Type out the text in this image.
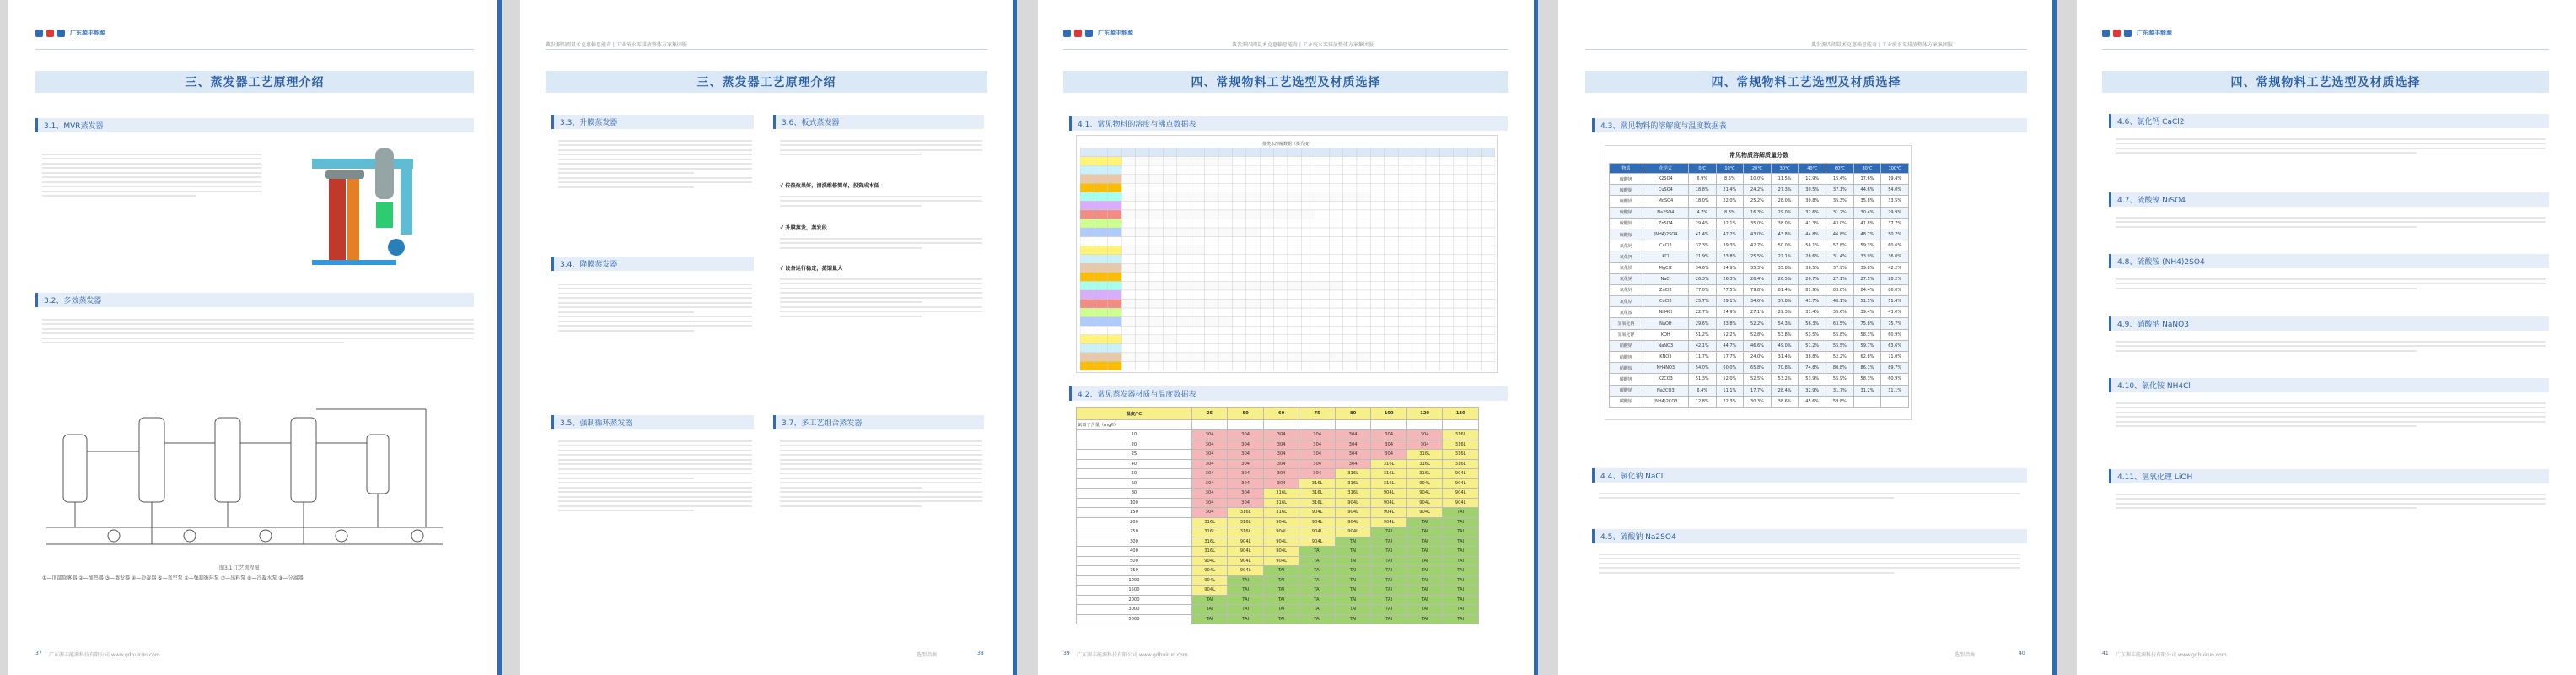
广东源丰能源
三、蒸发器工艺原理介绍
3.1、MVR蒸发器
3.2、多效蒸发器
图3.1 工艺流程图
①—顶部除雾器 ②—加热器 ③—蒸发器 ④—冷凝器 ⑤—真空泵 ⑥—强制循环泵 ⑦—出料泵 ⑧—冷凝水泵 ⑨—分离器
37 广东源丰能源科技有限公司 www.gdhuirun.com
典发源四阅鼠术克惠赖思能奇 | 工业废水零排放整体方案集团服
三、蒸发器工艺原理介绍
3.3、升膜蒸发器
3.4、降膜蒸发器
3.5、强制循环蒸发器
3.6、板式蒸发器
√ 传热效果好，清洗维修简单，投资成本低
√ 升膜蒸发，蒸发段
√ 设备运行稳定，蒸馏量大
3.7、多工艺组合蒸发器
选型指南	38
广东源丰能源
典发源四阅鼠术克惠赖思能奇 | 工业废水零排放整体方案集团服
四、常规物料工艺选型及材质选择
4.1、常见物料的溶度与沸点数据表
盐类水溶解数据（摄氏度）
4.2、常见蒸发器材质与温度数据表
温度/℃	25	50	60	75	80	100	120	130
氯离子含量（mg/l）								
10	304	304	304	304	304	304	304	316L
20	304	304	304	304	304	304	304	316L
25	304	304	304	304	304	304	316L	316L
40	304	304	304	304	304	316L	316L	316L
50	304	304	304	304	316L	316L	316L	904L
60	304	304	304	316L	316L	316L	904L	904L
80	304	304	316L	316L	316L	904L	904L	904L
100	304	304	316L	316L	904L	904L	904L	904L
150	304	316L	316L	904L	904L	904L	904L	TAI
200	316L	316L	904L	904L	904L	904L	TAI	TAI
250	316L	316L	904L	904L	904L	TAI	TAI	TAI
300	316L	904L	904L	904L	TAI	TAI	TAI	TAI
400	316L	904L	904L	TAI	TAI	TAI	TAI	TAI
500	904L	904L	904L	TAI	TAI	TAI	TAI	TAI
750	904L	904L	TAI	TAI	TAI	TAI	TAI	TAI
1000	904L	TAI	TAI	TAI	TAI	TAI	TAI	TAI
1500	904L	TAI	TAI	TAI	TAI	TAI	TAI	TAI
2000	TAI	TAI	TAI	TAI	TAI	TAI	TAI	TAI
3000	TAI	TAI	TAI	TAI	TAI	TAI	TAI	TAI
5000	TAI	TAI	TAI	TAI	TAI	TAI	TAI	TAI
39 广东源丰能源科技有限公司 www.gdhuirun.com
典发源四阅鼠术克惠赖思能奇 | 工业废水零排放整体方案集团服
四、常规物料工艺选型及材质选择
4.3、常见物料的溶解度与温度数据表
常见物质溶解质量分数
物质	化学式	0℃	10℃	20℃	30℃	40℃	60℃	80℃	100℃
硫酸钾	K2SO4	6.9%	8.5%	10.0%	11.5%	12.9%	15.4%	17.6%	19.4%
硫酸铜	CuSO4	18.8%	21.4%	24.2%	27.3%	30.5%	37.1%	44.6%	54.0%
硫酸镁	MgSO4	18.0%	22.0%	25.2%	28.0%	30.8%	35.3%	35.8%	33.5%
硫酸钠	Na2SO4	4.7%	8.3%	16.3%	29.0%	32.6%	31.2%	30.4%	29.9%
硫酸锌	ZnSO4	29.4%	32.1%	35.0%	38.0%	41.3%	43.0%	41.8%	37.7%
硫酸铵	(NH4)2SO4	41.4%	42.2%	43.0%	43.8%	44.8%	46.8%	48.7%	50.7%
氯化钙	CaCl2	37.3%	39.3%	42.7%	50.0%	56.1%	57.8%	59.3%	60.6%
氯化钾	KCl	21.9%	23.8%	25.5%	27.1%	28.6%	31.4%	33.9%	36.0%
氯化镁	MgCl2	34.6%	34.9%	35.3%	35.8%	36.5%	37.9%	39.8%	42.2%
氯化钠	NaCl	26.3%	26.3%	26.4%	26.5%	26.7%	27.1%	27.5%	28.2%
氯化锌	ZnCl2	77.0%	77.5%	79.8%	81.4%	81.9%	83.0%	84.4%	86.0%
氯化钴	CoCl2	25.7%	29.1%	34.6%	37.8%	41.7%	48.1%	51.5%	51.4%
氯化铵	NH4Cl	22.7%	24.9%	27.1%	29.3%	31.4%	35.6%	39.4%	43.0%
氢氧化钠	NaOH	29.6%	33.8%	52.2%	54.3%	56.3%	63.5%	75.8%	75.7%
氢氧化钾	KOH	51.2%	52.2%	52.8%	53.8%	53.5%	55.8%	58.3%	60.9%
硝酸钠	NaNO3	42.1%	44.7%	46.6%	49.0%	51.2%	55.5%	59.7%	63.6%
硝酸钾	KNO3	11.7%	17.7%	24.0%	31.4%	38.8%	52.2%	62.8%	71.0%
硝酸铵	NH4NO3	54.0%	60.0%	65.8%	70.8%	74.8%	80.8%	86.1%	89.7%
碳酸钾	K2CO3	51.3%	52.0%	52.5%	53.2%	53.9%	55.9%	58.3%	60.9%
碳酸钠	Na2CO3	6.4%	11.1%	17.7%	28.4%	32.9%	31.7%	31.2%	31.1%
碳酸铵	(NH4)2CO3	12.8%	22.3%	30.3%	38.6%	45.6%	59.8%		
4.4、氯化钠 NaCl
4.5、硫酸钠 Na2SO4
选型指南	40
广东源丰能源
四、常规物料工艺选型及材质选择
4.6、氯化钙 CaCl2
4.7、硫酸镍 NiSO4
4.8、硫酸铵 (NH4)2SO4
4.9、硝酸钠 NaNO3
4.10、氯化铵 NH4Cl
4.11、氢氧化锂 LiOH
41 广东源丰能源科技有限公司 www.gdhuirun.com
